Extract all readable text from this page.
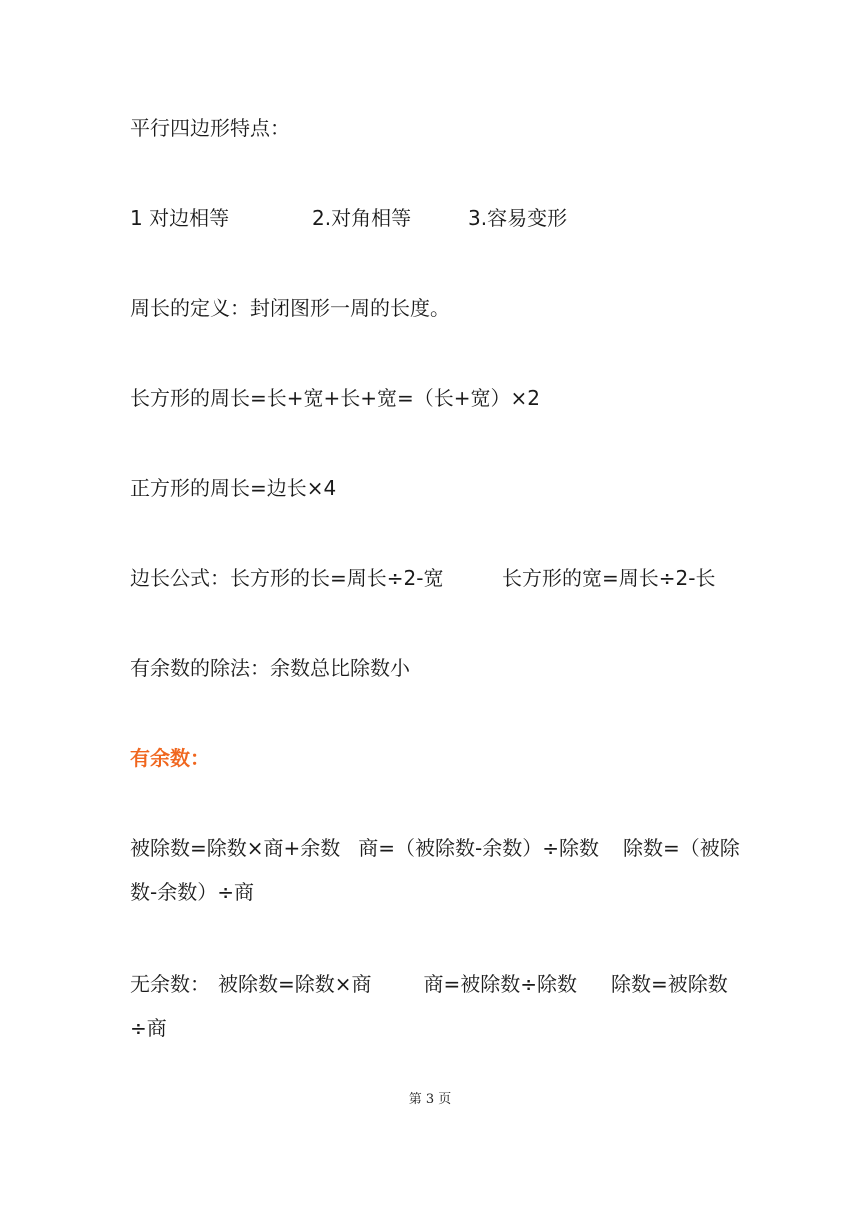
平行四边形特点：
1 对边相等	2.对角相等	3.容易变形
周长的定义：封闭图形一周的长度。
长方形的周长=长+宽+长+宽=（长+宽）×2
正方形的周长=边长×4
边长公式：长方形的长=周长÷2-宽	长方形的宽=周长÷2-长
有余数的除法：余数总比除数小
有余数：
被除数=除数×商+余数 商=（被除数-余数）÷除数 除数=（被除数-余数）÷商
无余数： 被除数=除数×商	商=被除数÷除数 除数=被除数÷商
第 3 页
